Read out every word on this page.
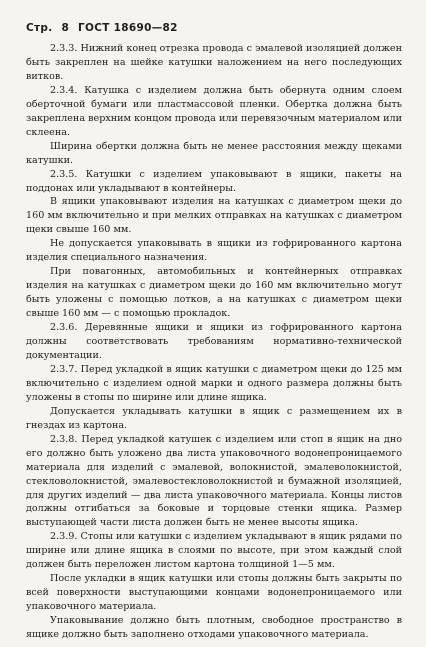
Стр. 8 ГОСТ 18690—82

2.3.3. Нижний конец отрезка провода с эмалевой изоляцией должен быть закреплен на шейке катушки наложением на него последующих витков.

2.3.4. Катушка с изделием должна быть обернута одним слоем оберточной бумаги или пластмассовой пленки. Обертка должна быть закреплена верхним концом провода или перевязочным материалом или склеена.

Ширина обертки должна быть не менее расстояния между щеками катушки.

2.3.5. Катушки с изделием упаковывают в ящики, пакеты на поддонах или укладывают в контейнеры.

В ящики упаковывают изделия на катушках с диаметром щеки до 160 мм включительно и при мелких отправках на катушках с диаметром щеки свыше 160 мм.

Не допускается упаковывать в ящики из гофрированного картона изделия специального назначения.

При повагонных, автомобильных и контейнерных отправках изделия на катушках с диаметром щеки до 160 мм включительно могут быть уложены с помощью лотков, а на катушках с диаметром щеки свыше 160 мм — с помощью прокладок.

2.3.6. Деревянные ящики и ящики из гофрированного картона должны соответствовать требованиям нормативно-технической документации.

2.3.7. Перед укладкой в ящик катушки с диаметром щеки до 125 мм включительно с изделием одной марки и одного размера должны быть уложены в стопы по ширине или длине ящика.

Допускается укладывать катушки в ящик с размещением их в гнездах из картона.

2.3.8. Перед укладкой катушек с изделием или стоп в ящик на дно его должно быть уложено два листа упаковочного водонепроницаемого материала для изделий с эмалевой, волокнистой, эмалеволокнистой, стекловолокнистой, эмалевостекловолокнистой и бумажной изоляцией, для других изделий — два листа упаковочного материала. Концы листов должны отгибаться за боковые и торцовые стенки ящика. Размер выступающей части листа должен быть не менее высоты ящика.

2.3.9. Стопы или катушки с изделием укладывают в ящик рядами по ширине или длине ящика в слоями по высоте, при этом каждый слой должен быть переложен листом картона толщиной 1—5 мм.

После укладки в ящик катушки или стопы должны быть закрыты по всей поверхности выступающими концами водонепроницаемого или упаковочного материала.

Упаковывание должно быть плотным, свободное пространство в ящике должно быть заполнено отходами упаковочного материала.
